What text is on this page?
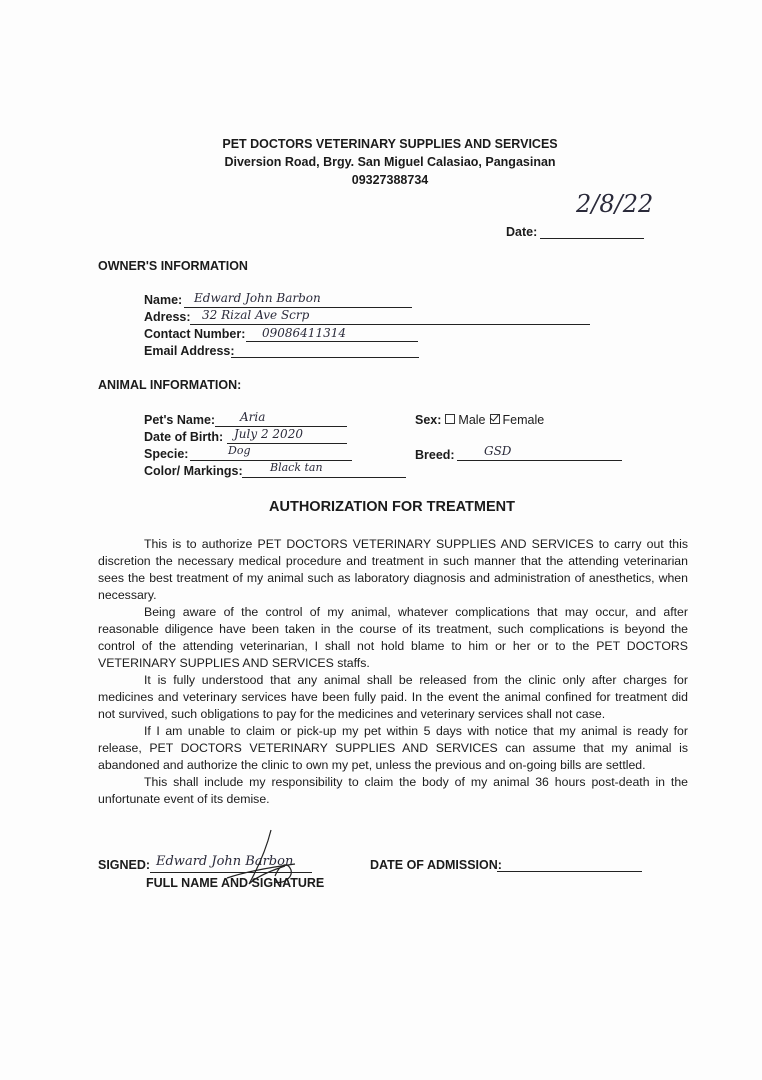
PET DOCTORS VETERINARY SUPPLIES AND SERVICES
Diversion Road, Brgy. San Miguel Calasiao, Pangasinan
09327388734
2/8/22
Date:
OWNER'S INFORMATION
Name: Edward John Barbon
Adress: 32 Rizal Ave Scrp
Contact Number: 09086411314
Email Address:
ANIMAL INFORMATION:
Pet's Name: Aria
Date of Birth: July 2 2020
Specie:	Dog
Color/ Markings: Black tan
Sex: Male Female
Breed: GSD
AUTHORIZATION FOR TREATMENT

This is to authorize PET DOCTORS VETERINARY SUPPLIES AND SERVICES to carry out this discretion the necessary medical procedure and treatment in such manner that the attending veterinarian sees the best treatment of my animal such as laboratory diagnosis and administration of anesthetics, when necessary.

Being aware of the control of my animal, whatever complications that may occur, and after reasonable diligence have been taken in the course of its treatment, such complications is beyond the control of the attending veterinarian, I shall not hold blame to him or her or to the PET DOCTORS VETERINARY SUPPLIES AND SERVICES staffs.

It is fully understood that any animal shall be released from the clinic only after charges for medicines and veterinary services have been fully paid. In the event the animal confined for treatment did not survived, such obligations to pay for the medicines and veterinary services shall not case.

If I am unable to claim or pick-up my pet within 5 days with notice that my animal is ready for release, PET DOCTORS VETERINARY SUPPLIES AND SERVICES can assume that my animal is abandoned and authorize the clinic to own my pet, unless the previous and on-going bills are settled.

This shall include my responsibility to claim the body of my animal 36 hours post-death in the unfortunate event of its demise.

SIGNED: Edward John Barbon
FULL NAME AND SIGNATURE
DATE OF ADMISSION:
